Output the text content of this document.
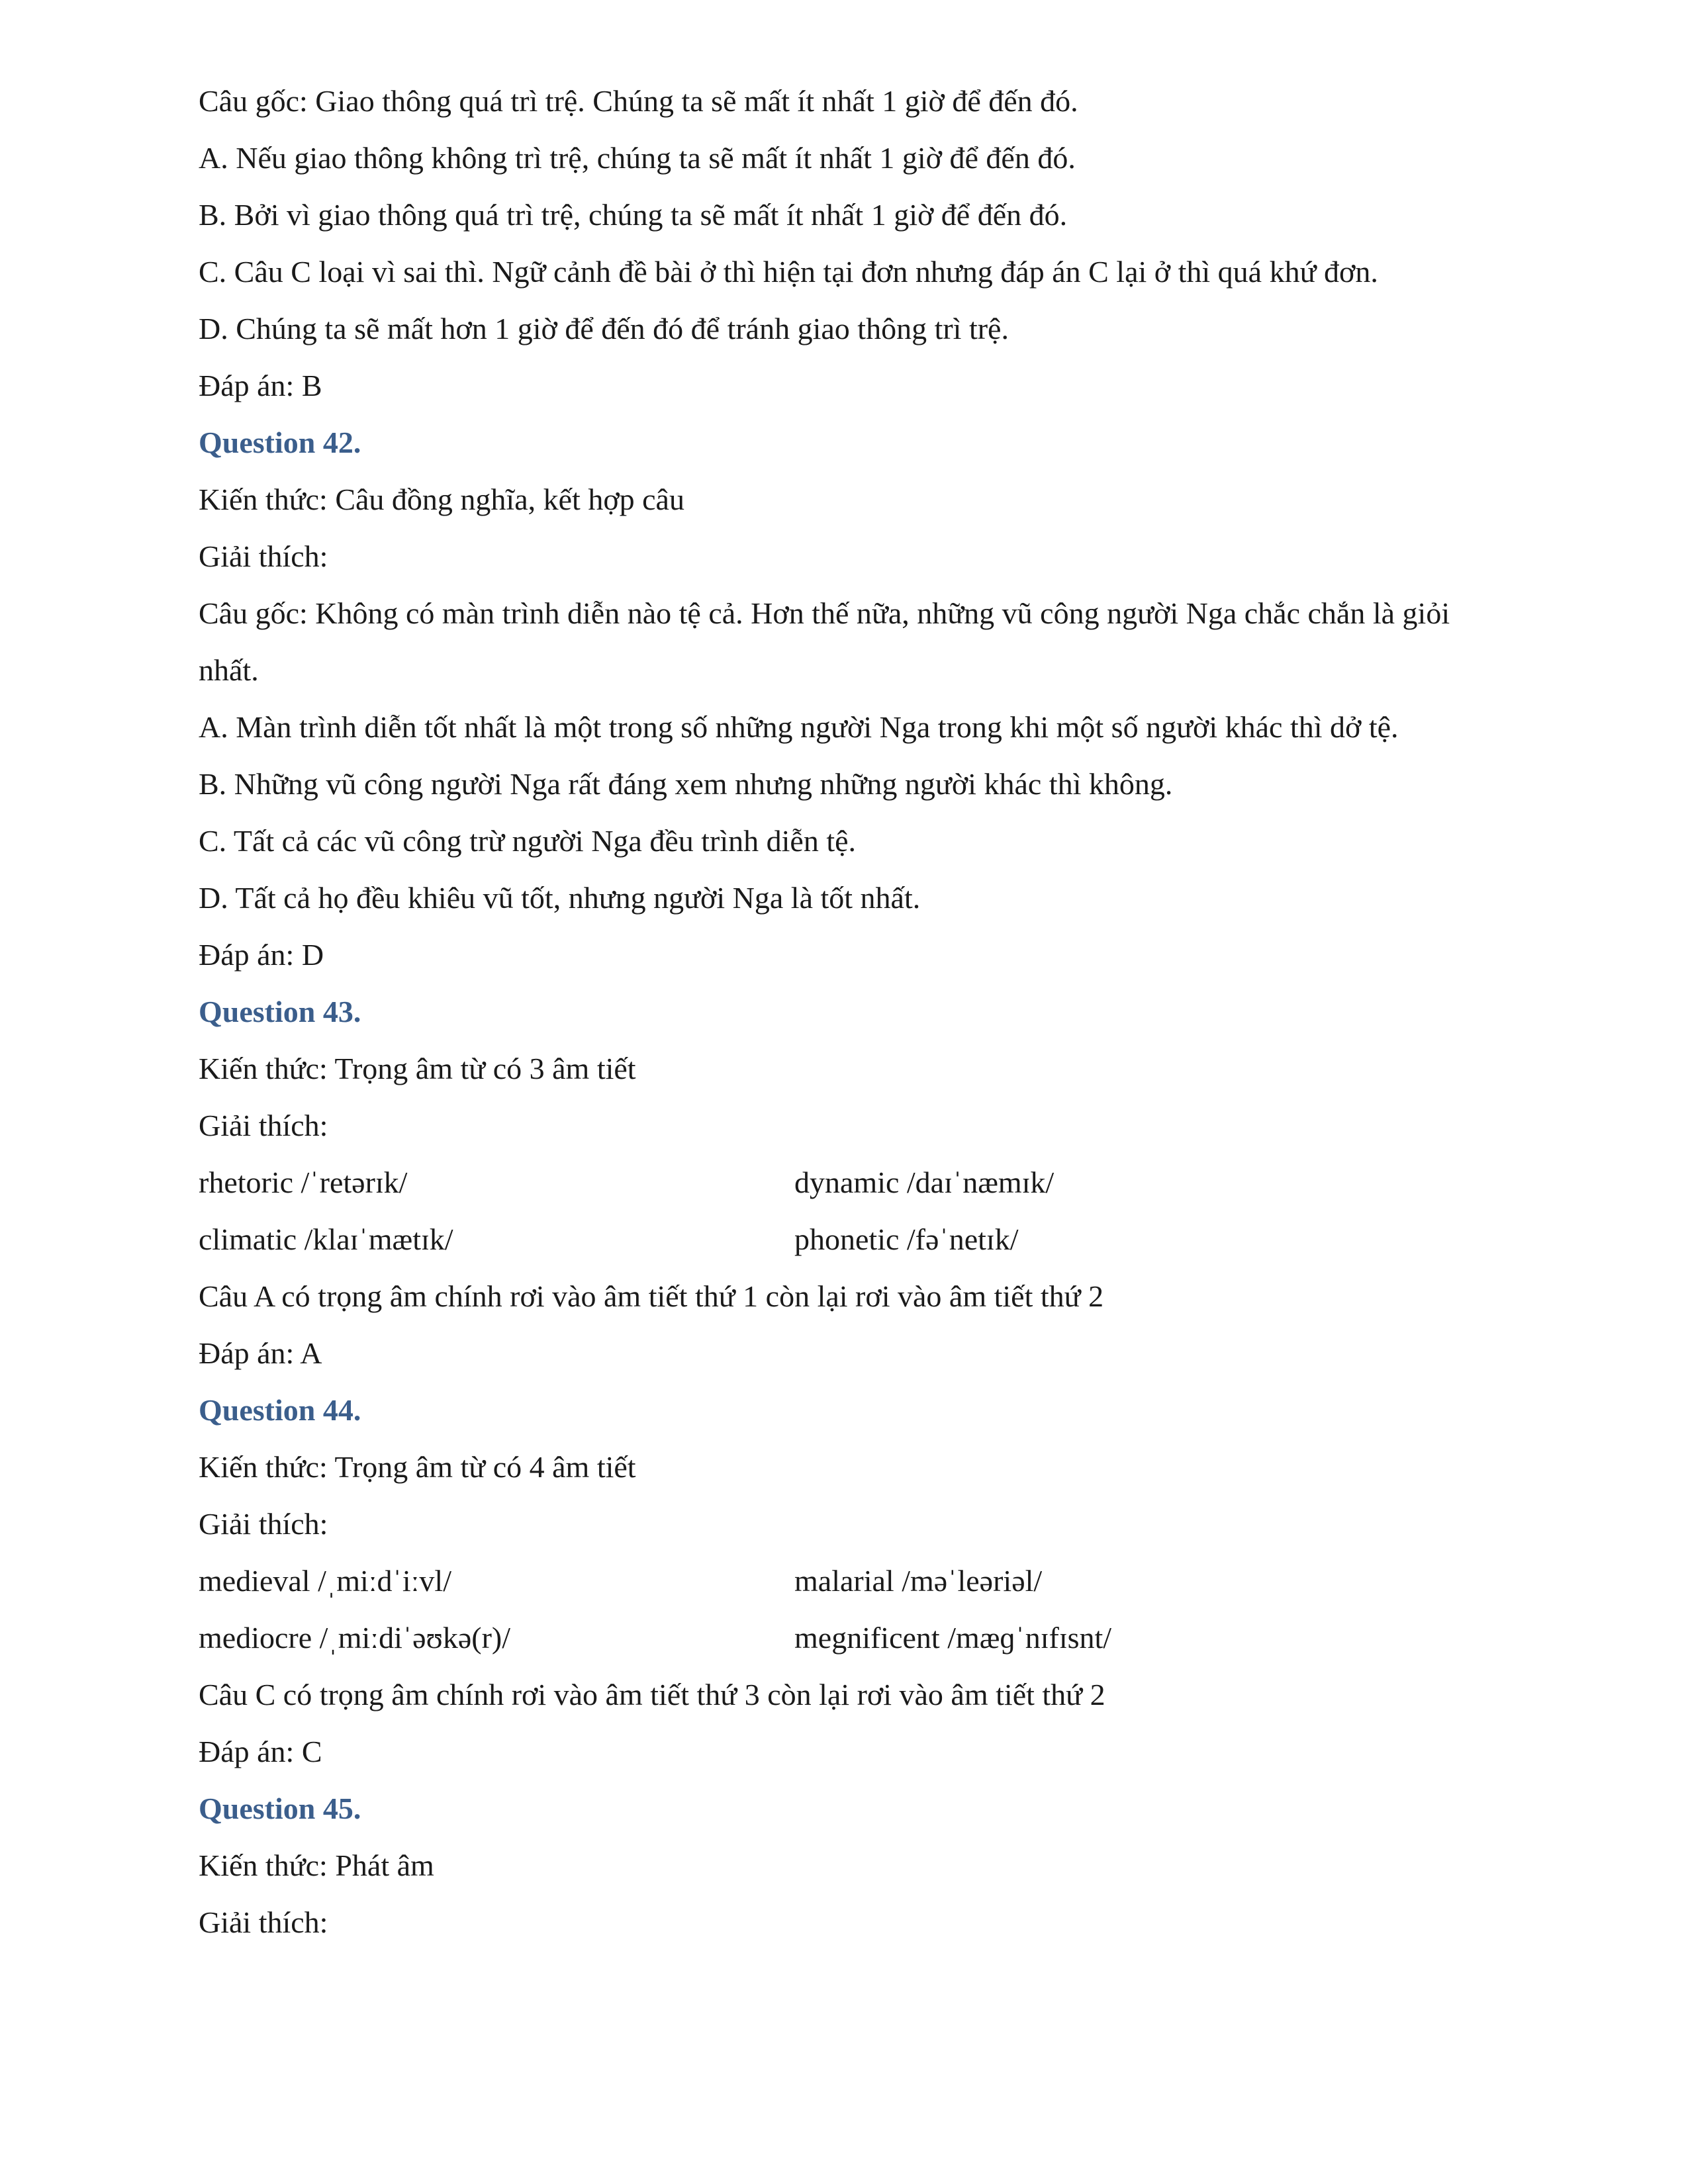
Câu gốc: Giao thông quá trì trệ. Chúng ta sẽ mất ít nhất 1 giờ để đến đó.

A. Nếu giao thông không trì trệ, chúng ta sẽ mất ít nhất 1 giờ để đến đó.

B. Bởi vì giao thông quá trì trệ, chúng ta sẽ mất ít nhất 1 giờ để đến đó.

C. Câu C loại vì sai thì. Ngữ cảnh đề bài ở thì hiện tại đơn nhưng đáp án C lại ở thì quá khứ đơn.

D. Chúng ta sẽ mất hơn 1 giờ để đến đó để tránh giao thông trì trệ.

Đáp án: B

Question 42.

Kiến thức: Câu đồng nghĩa, kết hợp câu

Giải thích:

Câu gốc: Không có màn trình diễn nào tệ cả. Hơn thế nữa, những vũ công người Nga chắc chắn là giỏi nhất.

A. Màn trình diễn tốt nhất là một trong số những người Nga trong khi một số người khác thì dở tệ.

B. Những vũ công người Nga rất đáng xem nhưng những người khác thì không.

C. Tất cả các vũ công trừ người Nga đều trình diễn tệ.

D. Tất cả họ đều khiêu vũ tốt, nhưng người Nga là tốt nhất.

Đáp án: D

Question 43.

Kiến thức: Trọng âm từ có 3 âm tiết

Giải thích:

rhetoric /ˈretərɪk/	dynamic /daɪˈnæmɪk/
climatic /klaɪˈmætɪk/	phonetic /fəˈnetɪk/

Câu A có trọng âm chính rơi vào âm tiết thứ 1 còn lại rơi vào âm tiết thứ 2

Đáp án: A

Question 44.

Kiến thức: Trọng âm từ có 4 âm tiết

Giải thích:

medieval /ˌmiːdˈiːvl/	malarial /məˈleəriəl/
mediocre /ˌmiːdiˈəʊkə(r)/	megnificent /mæɡˈnɪfɪsnt/

Câu C có trọng âm chính rơi vào âm tiết thứ 3 còn lại rơi vào âm tiết thứ 2

Đáp án: C

Question 45.

Kiến thức: Phát âm

Giải thích:
